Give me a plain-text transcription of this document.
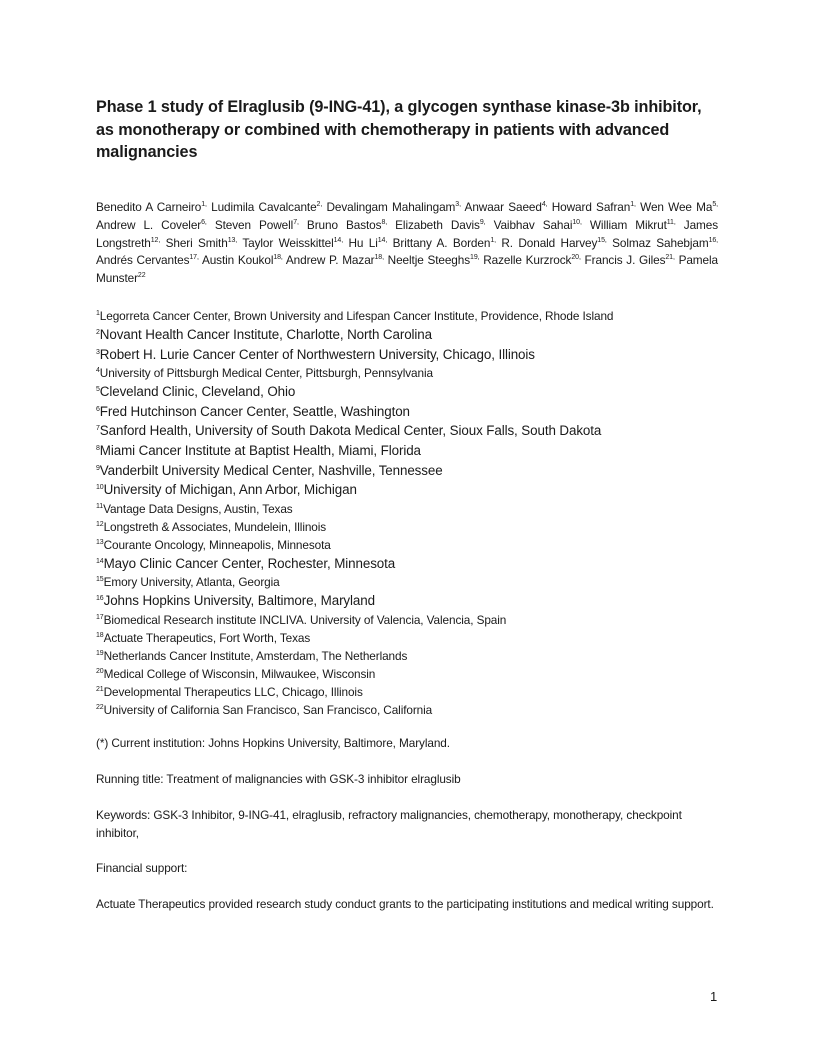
Phase 1 study of Elraglusib (9-ING-41), a glycogen synthase kinase-3b inhibitor, as monotherapy or combined with chemotherapy in patients with advanced malignancies
Benedito A Carneiro$^{1,}$ Ludimila Cavalcante$^{2,}$ Devalingam Mahalingam$^{3,}$ Anwaar Saeed$^{4,}$ Howard Safran$^{1,}$ Wen Wee $Ma^{5,}$ Andrew L. Coveler$^{6,}$ Steven Powell$^{7,}$ Bruno Bastos$^{8,}$ Elizabeth Davis$^{9,}$ Vaibhav Sahai$^{10,}$ William Mikrut$^{11,}$ James Longstreth$^{12,}$ Sheri Smith$^{13,}$ Taylor Weisskittel$^{14,}$ Hu $Li^{14,}$ Brittany A. Borden$^{1,}$ R. Donald Harvey$^{15,}$ Solmaz Sahebjam$^{16,}$ Andrés Cervantes$^{17,}$ Austin Koukol$^{18,}$ Andrew P. Mazar$^{18,}$ Neeltje Steeghs$^{19,}$ Razelle Kurzrock$^{20,}$ Francis J. Giles$^{21,}$ Pamela Munster$^{22}$
$^1$Legorreta Cancer Center, Brown University and Lifespan Cancer Institute, Providence, Rhode Island
$^2$Novant Health Cancer Institute, Charlotte, North Carolina
$^3$Robert H. Lurie Cancer Center of Northwestern University, Chicago, Illinois
$^4$University of Pittsburgh Medical Center, Pittsburgh, Pennsylvania
$^5$Cleveland Clinic, Cleveland, Ohio
$^6$Fred Hutchinson Cancer Center, Seattle, Washington
$^7$Sanford Health, University of South Dakota Medical Center, Sioux Falls, South Dakota
$^8$Miami Cancer Institute at Baptist Health, Miami, Florida
$^9$Vanderbilt University Medical Center, Nashville, Tennessee
$^{10}$University of Michigan, Ann Arbor, Michigan
$^{11}$Vantage Data Designs, Austin, Texas
$^{12}$Longstreth & Associates, Mundelein, Illinois
$^{13}$Courante Oncology, Minneapolis, Minnesota
$^{14}$Mayo Clinic Cancer Center, Rochester, Minnesota
$^{15}$Emory University, Atlanta, Georgia
$^{16}$Johns Hopkins University, Baltimore, Maryland
$^{17}$Biomedical Research institute INCLIVA. University of Valencia, Valencia, Spain
$^{18}$Actuate Therapeutics, Fort Worth, Texas
$^{19}$Netherlands Cancer Institute, Amsterdam, The Netherlands
$^{20}$Medical College of Wisconsin, Milwaukee, Wisconsin
$^{21}$Developmental Therapeutics LLC, Chicago, Illinois
$^{22}$University of California San Francisco, San Francisco, California
(*) Current institution: Johns Hopkins University, Baltimore, Maryland.
Running title: Treatment of malignancies with GSK-3 inhibitor elraglusib
Keywords: GSK-3 Inhibitor, 9-ING-41, elraglusib, refractory malignancies, chemotherapy, monotherapy, checkpoint inhibitor,
Financial support:
Actuate Therapeutics provided research study conduct grants to the participating institutions and medical writing support.
1
